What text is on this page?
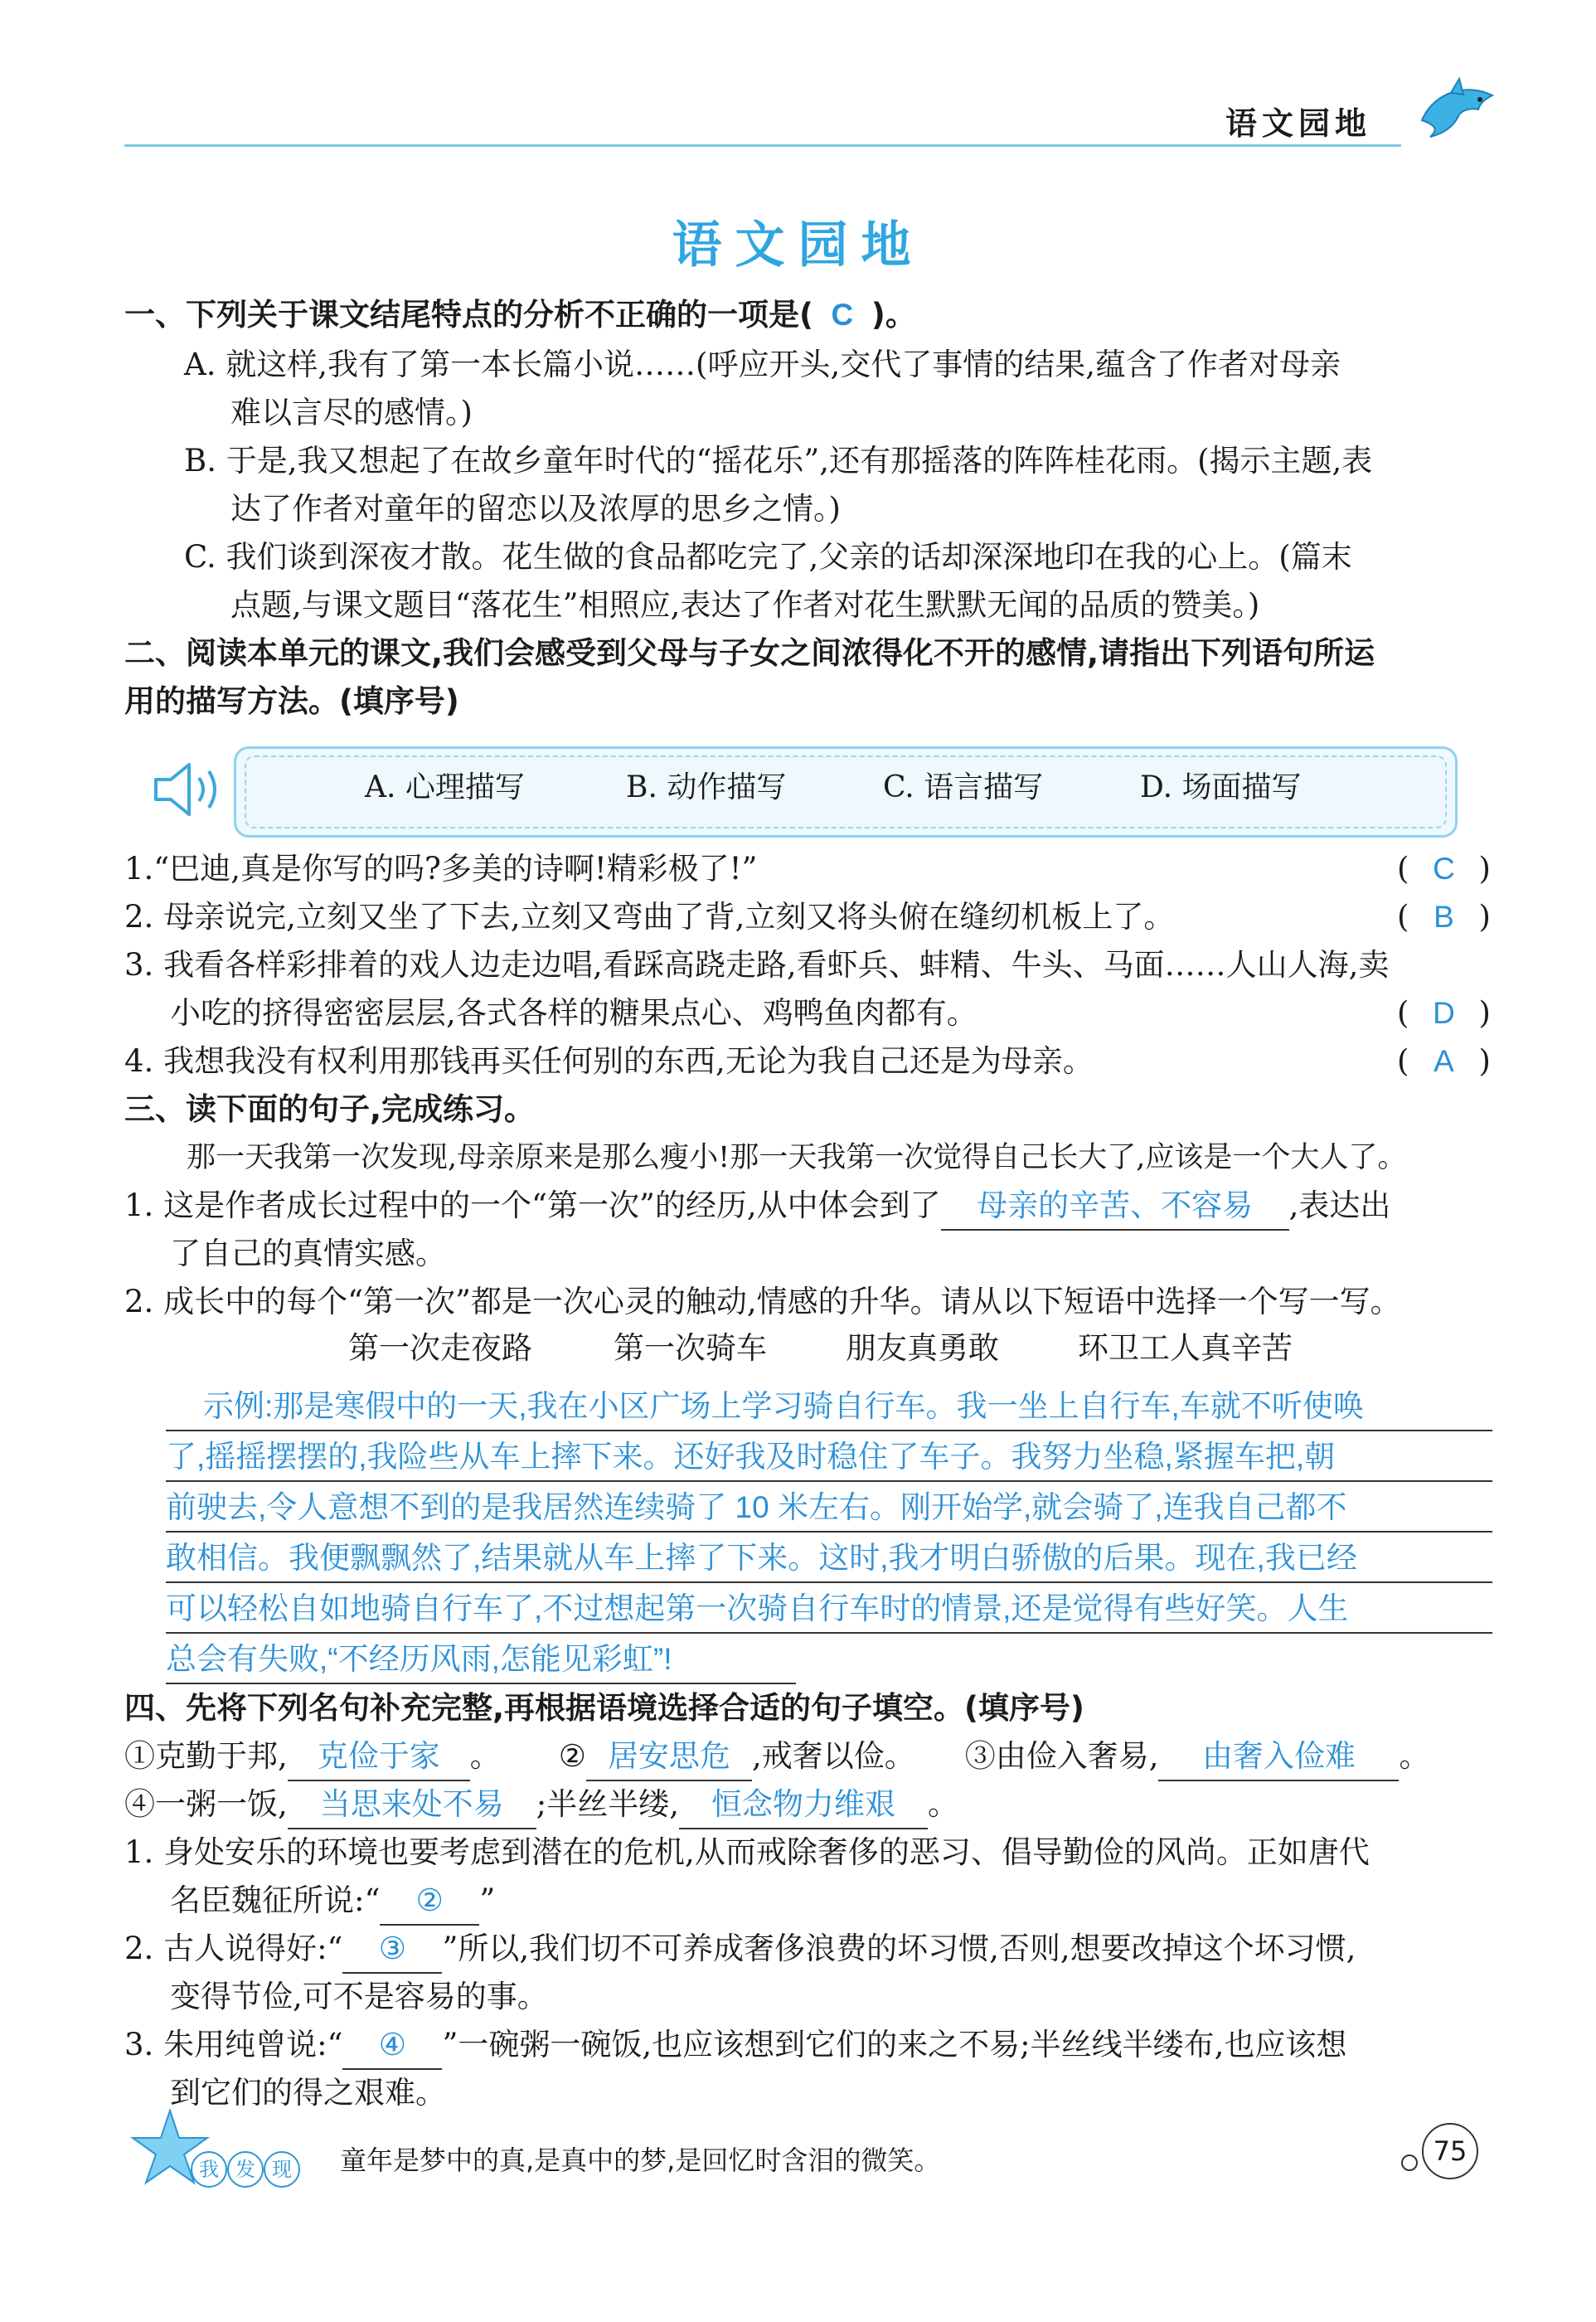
语文园地
语文园地
一、下列关于课文结尾特点的分析不正确的一项是( C )。
A. 就这样,我有了第一本长篇小说……(呼应开头,交代了事情的结果,蕴含了作者对母亲
难以言尽的感情。)
B. 于是,我又想起了在故乡童年时代的“摇花乐”,还有那摇落的阵阵桂花雨。(揭示主题,表
达了作者对童年的留恋以及浓厚的思乡之情。)
C. 我们谈到深夜才散。花生做的食品都吃完了,父亲的话却深深地印在我的心上。(篇末
点题,与课文题目“落花生”相照应,表达了作者对花生默默无闻的品质的赞美。)
二、阅读本单元的课文,我们会感受到父母与子女之间浓得化不开的感情,请指出下列语句所运
用的描写方法。(填序号)
A. 心理描写	B. 动作描写	C. 语言描写	D. 场面描写
1.“巴迪,真是你写的吗?多美的诗啊!精彩极了!”	( C )
2. 母亲说完,立刻又坐了下去,立刻又弯曲了背,立刻又将头俯在缝纫机板上了。	( B )
3. 我看各样彩排着的戏人边走边唱,看踩高跷走路,看虾兵、蚌精、牛头、马面……人山人海,卖
小吃的挤得密密层层,各式各样的糖果点心、鸡鸭鱼肉都有。	( D )
4. 我想我没有权利用那钱再买任何别的东西,无论为我自己还是为母亲。	( A )
三、读下面的句子,完成练习。
那一天我第一次发现,母亲原来是那么瘦小!那一天我第一次觉得自己长大了,应该是一个大人了。
1. 这是作者成长过程中的一个“第一次”的经历,从中体会到了 母亲的辛苦、不容易 ,表达出
了自己的真情实感。
2. 成长中的每个“第一次”都是一次心灵的触动,情感的升华。请从以下短语中选择一个写一写。
第一次走夜路	第一次骑车	朋友真勇敢	环卫工人真辛苦
示例:那是寒假中的一天,我在小区广场上学习骑自行车。我一坐上自行车,车就不听使唤
了,摇摇摆摆的,我险些从车上摔下来。还好我及时稳住了车子。我努力坐稳,紧握车把,朝
前驶去,令人意想不到的是我居然连续骑了 10 米左右。刚开始学,就会骑了,连我自己都不
敢相信。我便飘飘然了,结果就从车上摔了下来。这时,我才明白骄傲的后果。现在,我已经
可以轻松自如地骑自行车了,不过想起第一次骑自行车时的情景,还是觉得有些好笑。人生
总会有失败,“不经历风雨,怎能见彩虹”!
四、先将下列名句补充完整,再根据语境选择合适的句子填空。(填序号)
①克勤于邦, 克俭于家 。 ② 居安思危 ,戒奢以俭。 ③由俭入奢易, 由奢入俭难 。
④一粥一饭, 当思来处不易 ;半丝半缕, 恒念物力维艰 。
1. 身处安乐的环境也要考虑到潜在的危机,从而戒除奢侈的恶习、倡导勤俭的风尚。正如唐代
名臣魏征所说:“ ② ”
2. 古人说得好:“ ③ ”所以,我们切不可养成奢侈浪费的坏习惯,否则,想要改掉这个坏习惯,
变得节俭,可不是容易的事。
3. 朱用纯曾说:“ ④ ”一碗粥一碗饭,也应该想到它们的来之不易;半丝线半缕布,也应该想
到它们的得之艰难。
我 发 现	童年是梦中的真,是真中的梦,是回忆时含泪的微笑。	75
